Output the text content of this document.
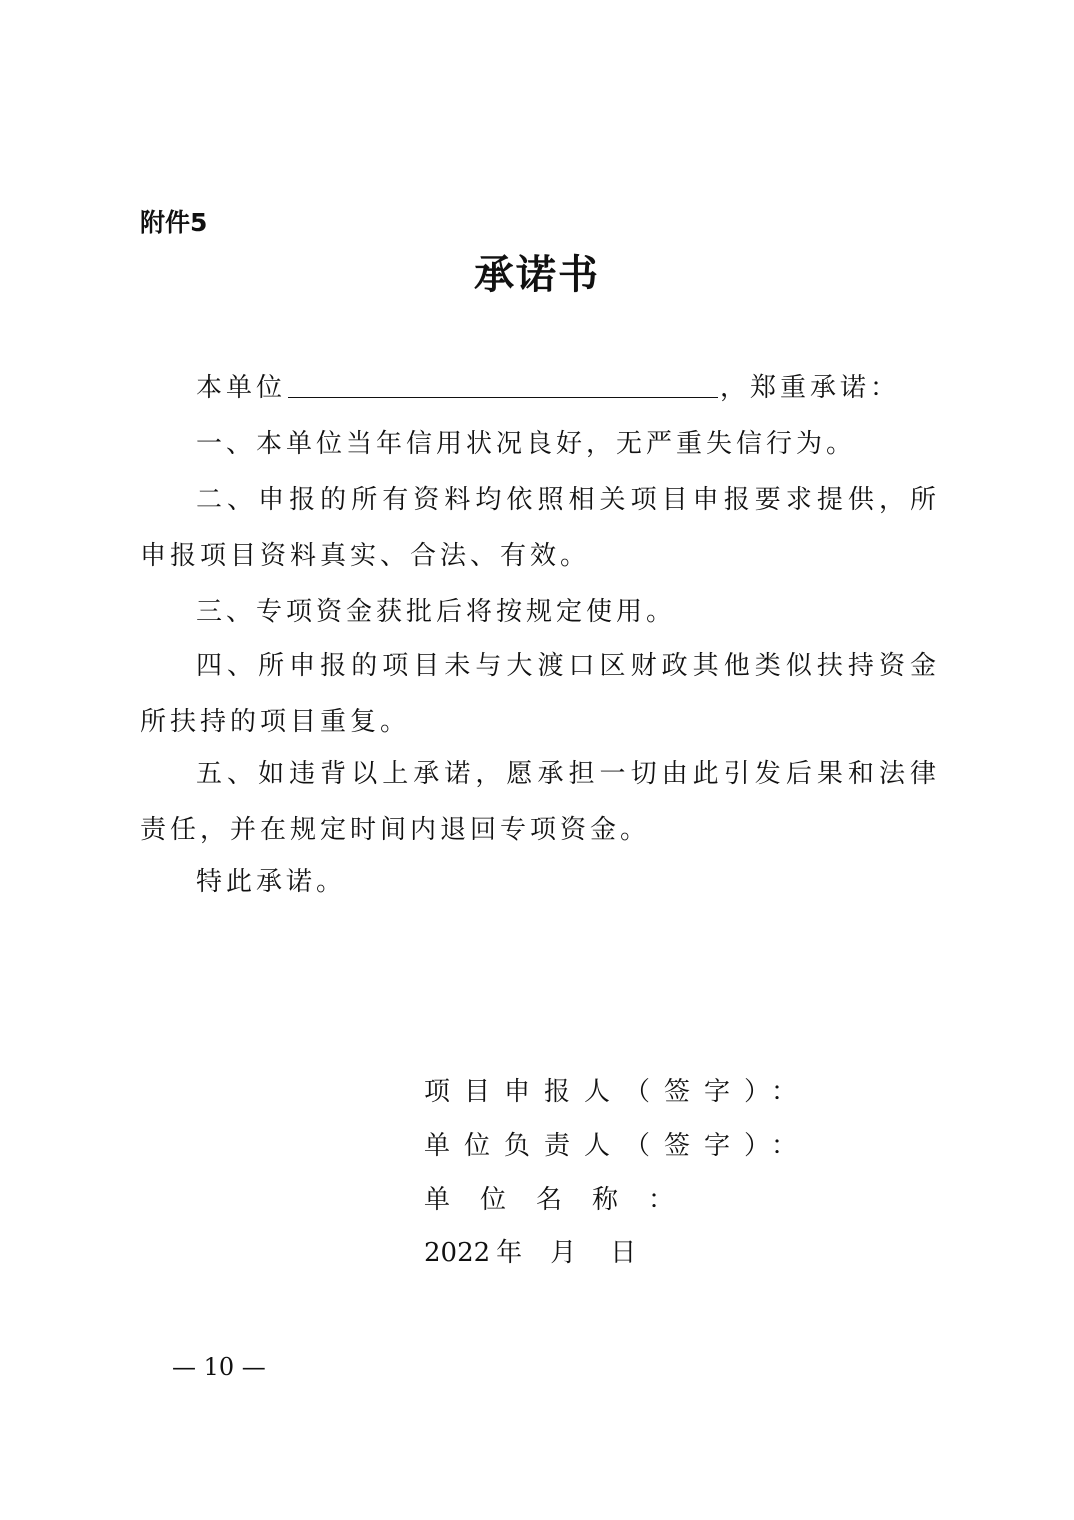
附件5

承诺书
本单位	，郑重承诺：

一、本单位当年信用状况良好，无严重失信行为。

二、申报的所有资料均依照相关项目申报要求提供，所申报项目资料真实、合法、有效。

三、专项资金获批后将按规定使用。

四、所申报的项目未与大渡口区财政其他类似扶持资金所扶持的项目重复。

五、如违背以上承诺，愿承担一切由此引发后果和法律责任，并在规定时间内退回专项资金。

特此承诺。

项目申报人（签字）：

单位负责人（签字）：

单位名称：

2022 年 月 日
— 10 —
